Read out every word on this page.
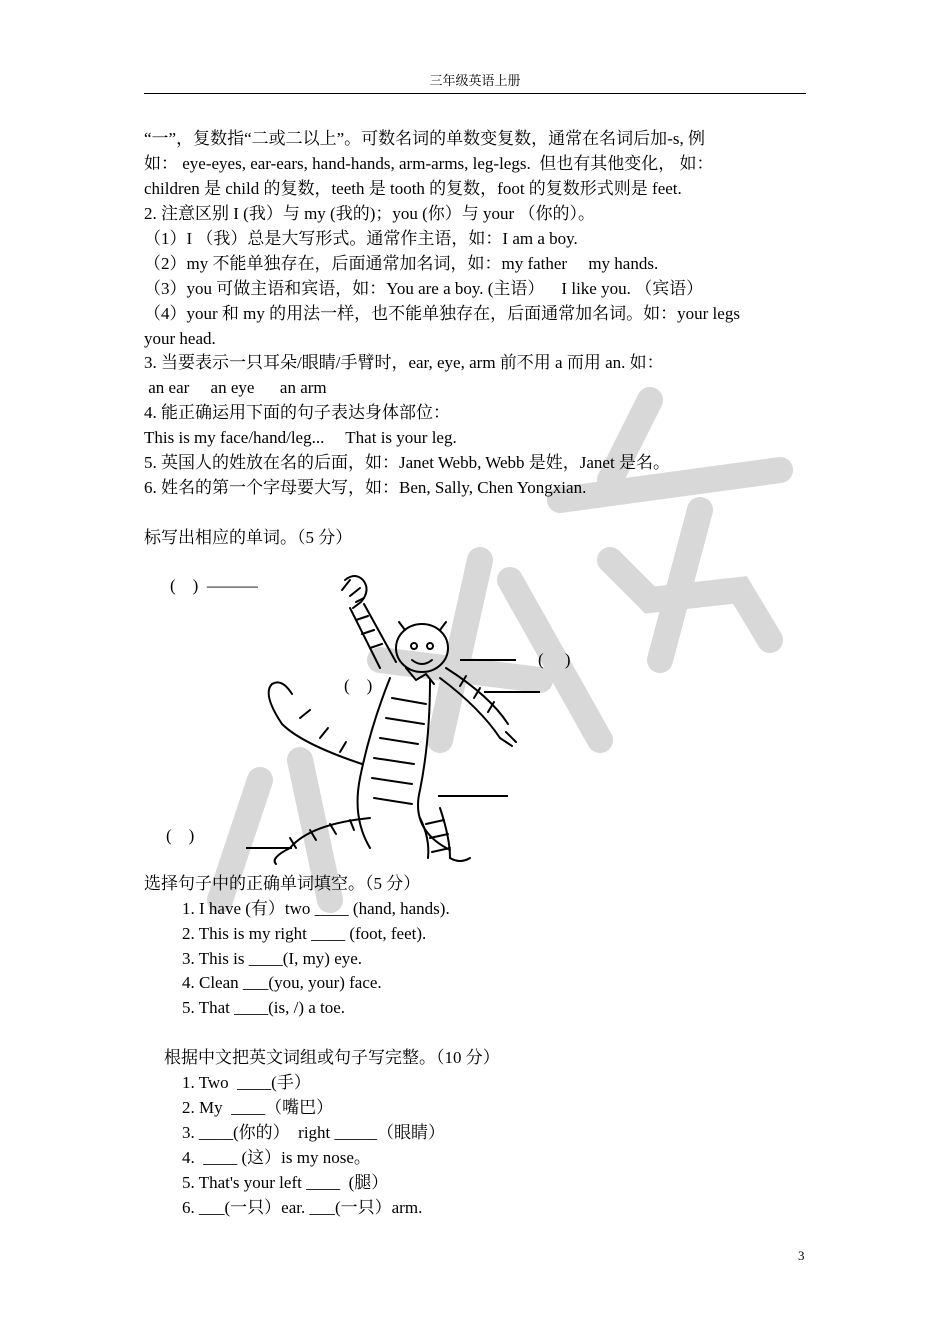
三年级英语上册
“一”，复数指“二或二以上”。可数名词的单数变复数，通常在名词后加-s, 例
如： eye-eyes, ear-ears, hand-hands, arm-arms, leg-legs.  但也有其他变化， 如：
children 是 child 的复数，teeth 是 tooth 的复数，foot 的复数形式则是 feet.
2. 注意区别 I (我）与 my (我的)；you (你）与 your （你的）。
（1）I （我）总是大写形式。通常作主语，如：I am a boy.
（2）my 不能单独存在，后面通常加名词，如：my father     my hands.
（3）you 可做主语和宾语，如：You are a boy. (主语）    I like you. （宾语）
（4）your 和 my 的用法一样，也不能单独存在，后面通常加名词。如：your legs
your head.
3. 当要表示一只耳朵/眼睛/手臂时，ear, eye, arm 前不用 a 而用 an. 如：
an ear     an eye      an arm
4. 能正确运用下面的句子表达身体部位：
This is my face/hand/leg...     That is your leg.
5. 英国人的姓放在名的后面，如：Janet Webb, Webb 是姓，Janet 是名。
6. 姓名的第一个字母要大写，如：Ben, Sally, Chen Yongxian.
标写出相应的单词。（5 分）
(    )  ———
(     )
(    )
(    )
选择句子中的正确单词填空。（5 分）
1. I have (有）two ____ (hand, hands).
2. This is my right ____ (foot, feet).
3. This is ____(I, my) eye.
4. Clean ___(you, your) face.
5. That ____(is, /) a toe.
根据中文把英文词组或句子写完整。（10 分）
1. Two  ____(手）
2. My  ____（嘴巴）
3. ____(你的）  right _____（眼睛）
4.  ____ (这）is my nose。
5. That's your left ____  (腿）
6. ___(一只）ear. ___(一只）arm.
3
